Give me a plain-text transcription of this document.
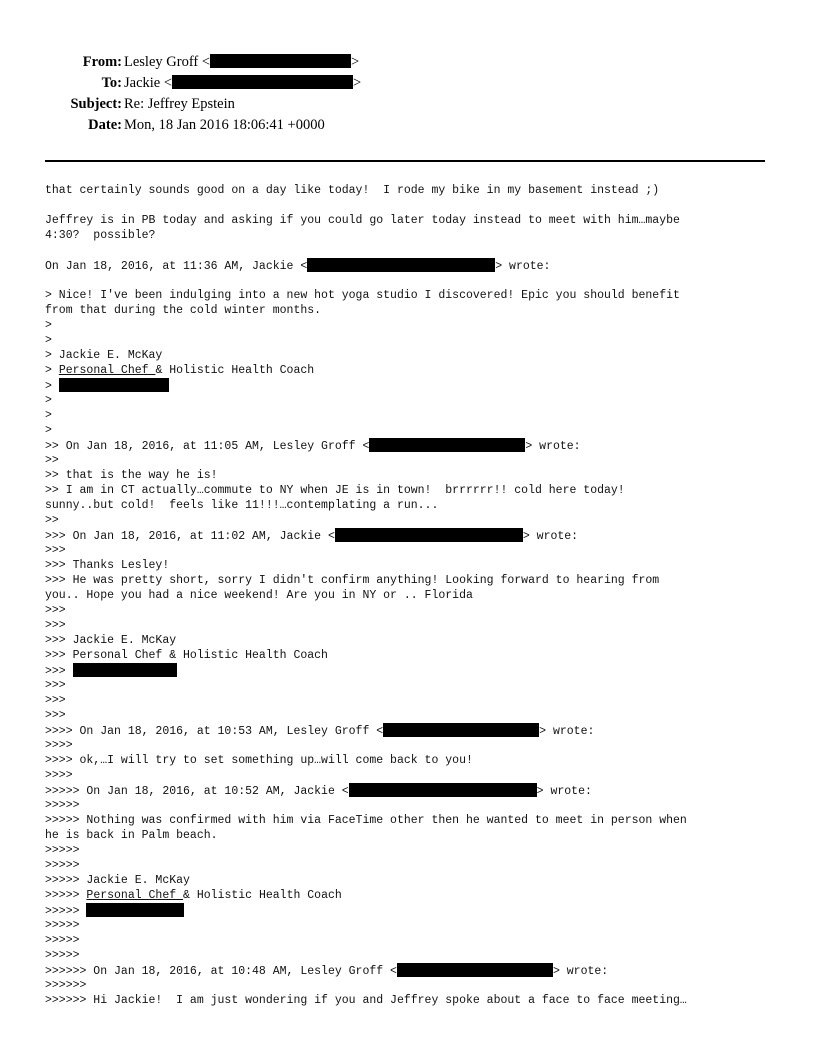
From: Lesley Groff <	>
To: Jackie <	>
Subject: Re: Jeffrey Epstein
Date: Mon, 18 Jan 2016 18:06:41 +0000
that certainly sounds good on a day like today!  I rode my bike in my basement instead ;)
Jeffrey is in PB today and asking if you could go later today instead to meet with him…maybe
4:30?  possible?
On Jan 18, 2016, at 11:36 AM, Jackie <	> wrote:
> Nice! I've been indulging into a new hot yoga studio I discovered! Epic you should benefit
from that during the cold winter months.
>
>
> Jackie E. McKay
> Personal Chef & Holistic Health Coach
>
>
>
>
>> On Jan 18, 2016, at 11:05 AM, Lesley Groff <	> wrote:
>>
>> that is the way he is!
>> I am in CT actually…commute to NY when JE is in town!  brrrrrr!! cold here today!
sunny..but cold!  feels like 11!!!…contemplating a run...
>>
>>> On Jan 18, 2016, at 11:02 AM, Jackie <	> wrote:
>>>
>>> Thanks Lesley!
>>> He was pretty short, sorry I didn't confirm anything! Looking forward to hearing from
you.. Hope you had a nice weekend! Are you in NY or .. Florida
>>>
>>>
>>> Jackie E. McKay
>>> Personal Chef & Holistic Health Coach
>>>
>>>
>>>
>>>
>>>> On Jan 18, 2016, at 10:53 AM, Lesley Groff <	> wrote:
>>>>
>>>> ok,…I will try to set something up…will come back to you!
>>>>
>>>>> On Jan 18, 2016, at 10:52 AM, Jackie <	> wrote:
>>>>>
>>>>> Nothing was confirmed with him via FaceTime other then he wanted to meet in person when
he is back in Palm beach.
>>>>>
>>>>>
>>>>> Jackie E. McKay
>>>>> Personal Chef & Holistic Health Coach
>>>>>
>>>>>
>>>>>
>>>>>
>>>>>> On Jan 18, 2016, at 10:48 AM, Lesley Groff <	> wrote:
>>>>>>
>>>>>> Hi Jackie!  I am just wondering if you and Jeffrey spoke about a face to face meeting…
